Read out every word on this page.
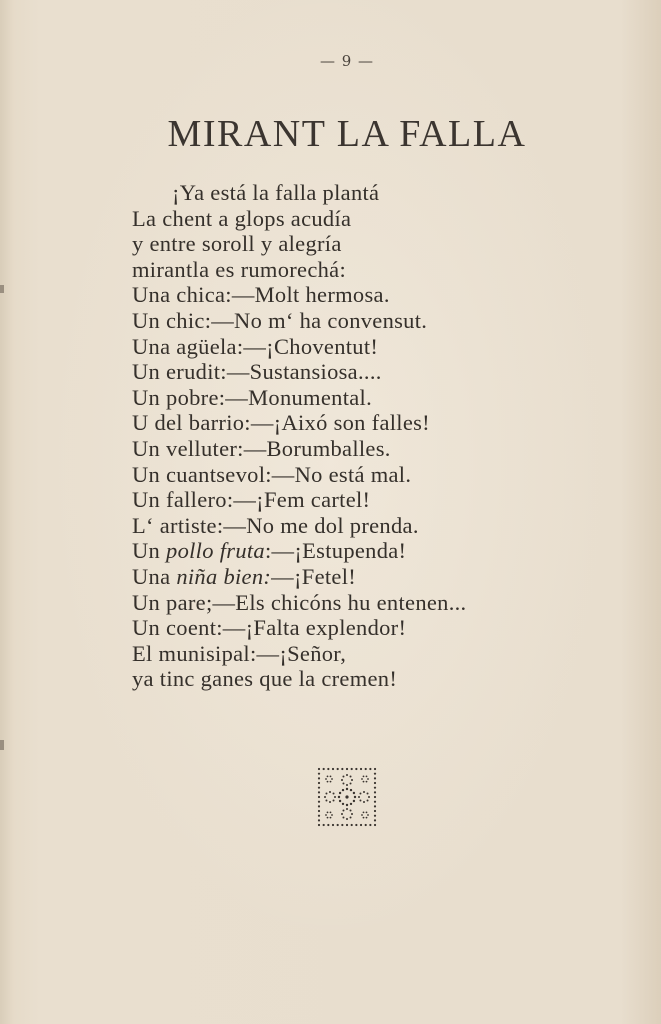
— 9 —
MIRANT LA FALLA
¡Ya está la falla plantá
La chent a glops acudía
y entre soroll y alegría
mirantla es rumorechá:
Una chica:—Molt hermosa.
Un chic:—No m‘ ha convensut.
Una agüela:—¡Choventut!
Un erudit:—Sustansiosa....
Un pobre:—Monumental.
U del barrio:—¡Aixó son falles!
Un velluter:—Borumballes.
Un cuantsevol:—No está mal.
Un fallero:—¡Fem cartel!
L‘ artiste:—No me dol prenda.
Un pollo fruta:—¡Estupenda!
Una niña bien:—¡Fetel!
Un pare;—Els chicóns hu entenen...
Un coent:—¡Falta explendor!
El munisipal:—¡Señor,
ya tinc ganes que la cremen!
